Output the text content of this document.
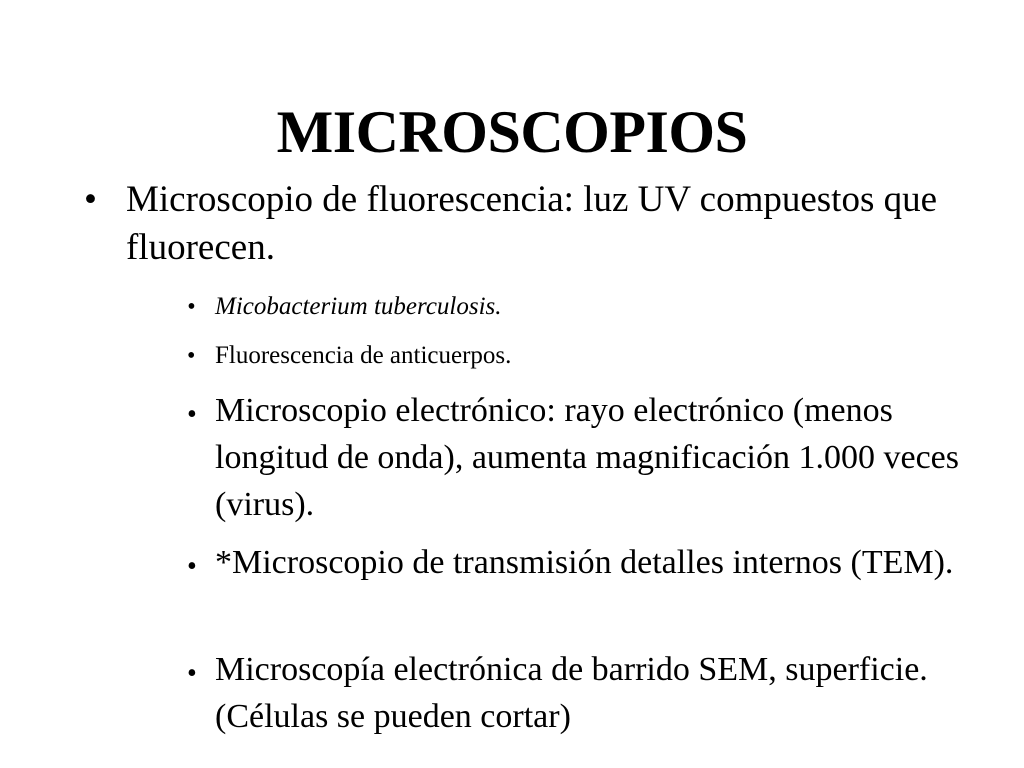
MICROSCOPIOS
• Microscopio de fluorescencia: luz UV compuestos que fluorecen.
• Micobacterium tuberculosis.
• Fluorescencia de anticuerpos.
• Microscopio electrónico: rayo electrónico (menos longitud de onda), aumenta magnificación 1.000 veces (virus).
• *Microscopio de transmisión detalles internos (TEM).
• Microscopía electrónica de barrido SEM, superficie.(Células se pueden cortar)
